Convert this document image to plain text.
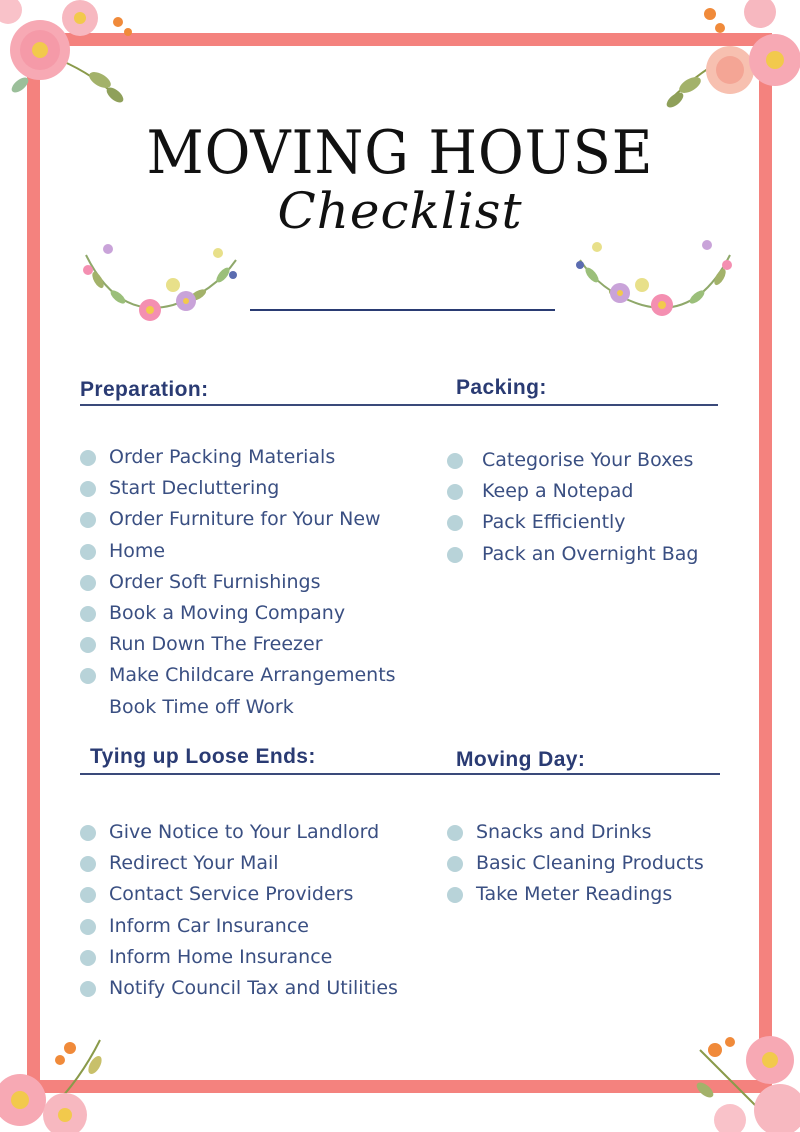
MOVING HOUSE
Checklist
Preparation:
Order Packing Materials
Start Decluttering
Order Furniture for Your New
Home
Order Soft Furnishings
Book a Moving Company
Run Down The Freezer
Make Childcare Arrangements
Book Time off Work
Packing:
Categorise Your Boxes
Keep a Notepad
Pack Efficiently
Pack an Overnight Bag
Tying up Loose Ends:
Give Notice to Your Landlord
Redirect Your Mail
Contact Service Providers
Inform Car Insurance
Inform Home Insurance
Notify Council Tax and Utilities
Moving Day:
Snacks and Drinks
Basic Cleaning Products
Take Meter Readings
